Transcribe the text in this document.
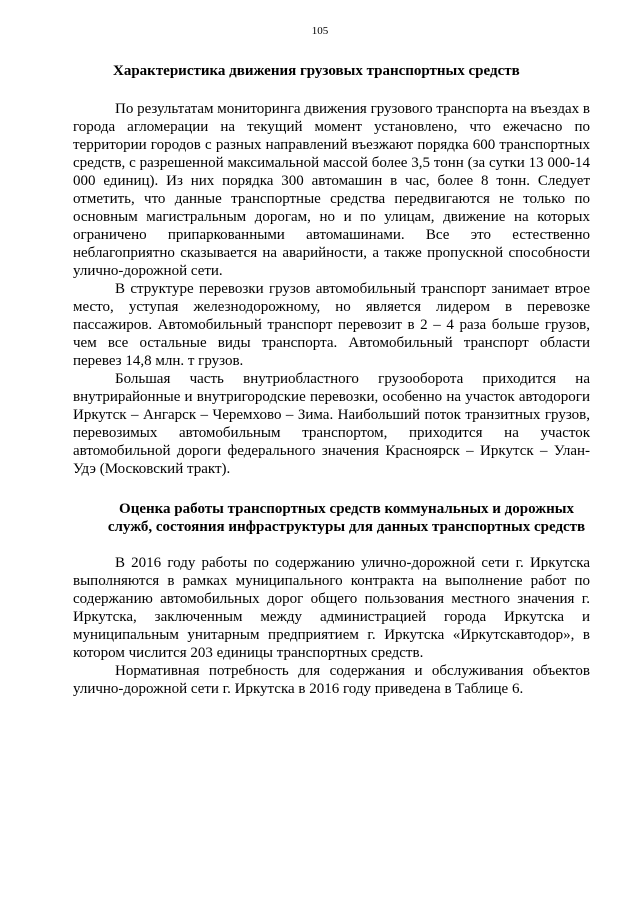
105
Характеристика движения грузовых транспортных средств

По результатам мониторинга движения грузового транспорта на въездах в города агломерации на текущий момент установлено, что ежечасно по территории городов с разных направлений въезжают порядка 600 транспортных средств, с разрешенной максимальной массой более 3,5 тонн (за сутки 13 000-14 000 единиц). Из них порядка 300 автомашин в час, более 8 тонн. Следует отметить, что данные транспортные средства передвигаются не только по основным магистральным дорогам, но и по улицам, движение на которых ограничено припаркованными автомашинами. Все это естественно неблагоприятно сказывается на аварийности, а также пропускной способности улично-дорожной сети.

В структуре перевозки грузов автомобильный транспорт занимает втрое место, уступая железнодорожному, но является лидером в перевозке пассажиров. Автомобильный транспорт перевозит в 2 – 4 раза больше грузов, чем все остальные виды транспорта. Автомобильный транспорт области перевез 14,8 млн. т грузов.

Большая часть внутриобластного грузооборота приходится на внутрирайонные и внутригородские перевозки, особенно на участок автодороги Иркутск – Ангарск – Черемхово – Зима. Наибольший поток транзитных грузов, перевозимых автомобильным транспортом, приходится на участок автомобильной дороги федерального значения Красноярск – Иркутск – Улан-Удэ (Московский тракт).

Оценка работы транспортных средств коммунальных и дорожных служб, состояния инфраструктуры для данных транспортных средств

В 2016 году работы по содержанию улично-дорожной сети г. Иркутска выполняются в рамках муниципального контракта на выполнение работ по содержанию автомобильных дорог общего пользования местного значения г. Иркутска, заключенным между администрацией города Иркутска и муниципальным унитарным предприятием г. Иркутска «Иркутскавтодор», в котором числится 203 единицы транспортных средств.

Нормативная потребность для содержания и обслуживания объектов улично-дорожной сети г. Иркутска в 2016 году приведена в Таблице 6.
